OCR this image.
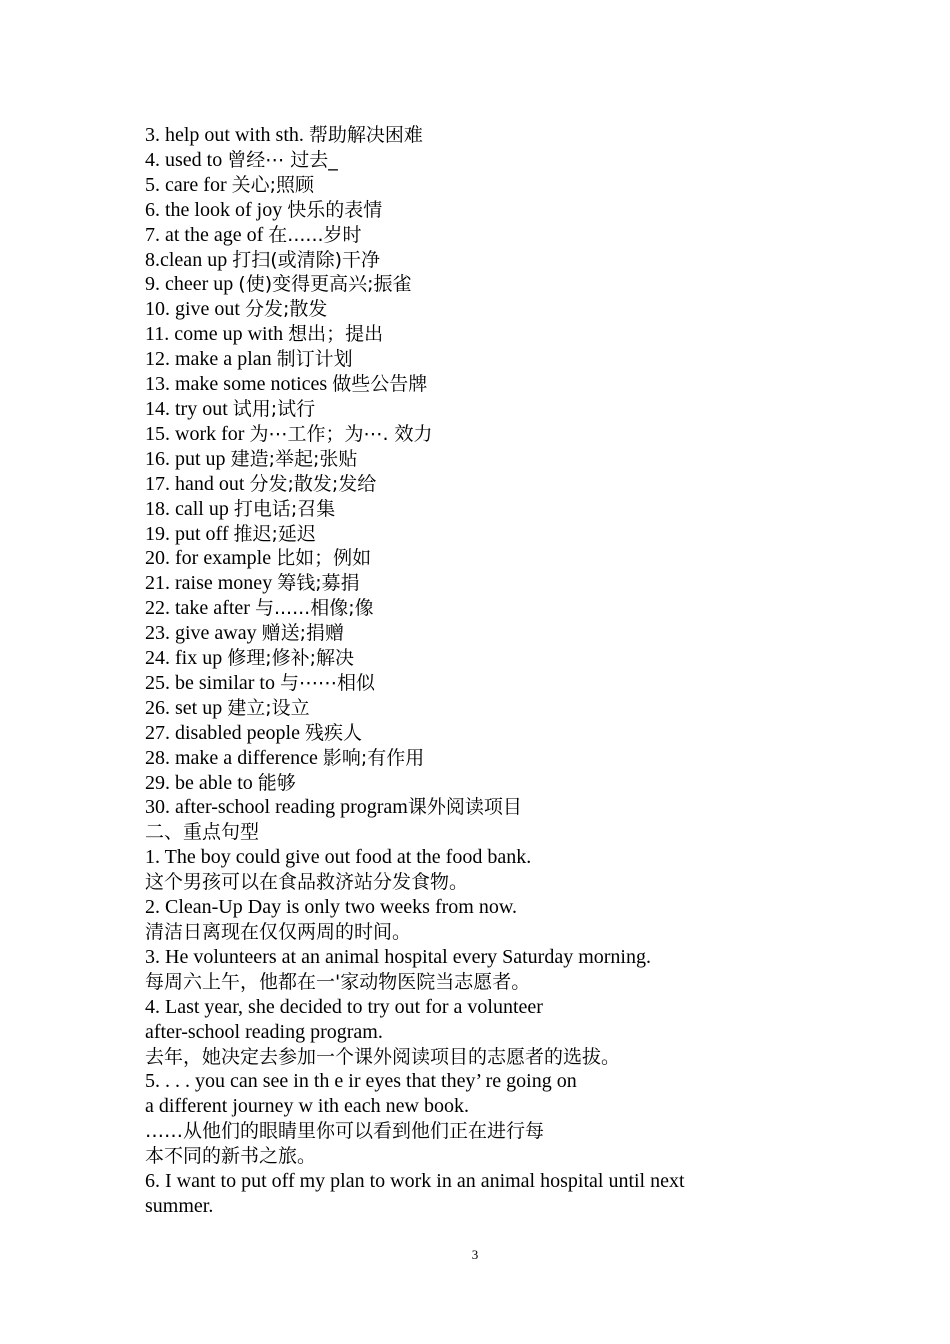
3. help out with sth. 帮助解决困难
4. used to 曾经⋯ 过去_
5. care for 关心;照顾
6. the look of joy 快乐的表情
7. at the age of 在......岁时
8.clean up 打扫(或清除)干净
9. cheer up (使)变得更高兴;振雀
10. give out 分发;散发
11. come up with 想出；提出
12. make a plan 制订计划
13. make some notices 做些公告牌
14. try out 试用;试行
15. work for 为⋯工作；为⋯. 效力
16. put up 建造;举起;张贴
17. hand out 分发;散发;发给
18. call up 打电话;召集
19. put off 推迟;延迟
20. for example 比如；例如
21. raise money 筹钱;募捐
22. take after 与......相像;像
23. give away 赠送;捐赠
24. fix up 修理;修补;解决
25. be similar to 与⋯⋯相似
26. set up 建立;设立
27. disabled people 残疾人
28. make a difference 影响;有作用
29. be able to 能够
30. after-school reading program课外阅读项目
二、重点句型
1. The boy could give out food at the food bank.
这个男孩可以在食品救济站分发食物。
2. Clean-Up Day is only two weeks from now.
清洁日离现在仅仅两周的时间。
3. He volunteers at an animal hospital every Saturday morning.
每周六上午，他都在一'家动物医院当志愿者。
4. Last year, she decided to try out for a volunteer
after-school reading program.
去年，她决定去参加一个课外阅读项目的志愿者的选拔。
5. . . . you can see in th e ir eyes that they’ re going on
a different journey w ith each new book.
……从他们的眼睛里你可以看到他们正在进行每
本不同的新书之旅。
6. I want to put off my plan to work in an animal hospital until next
summer.
3
